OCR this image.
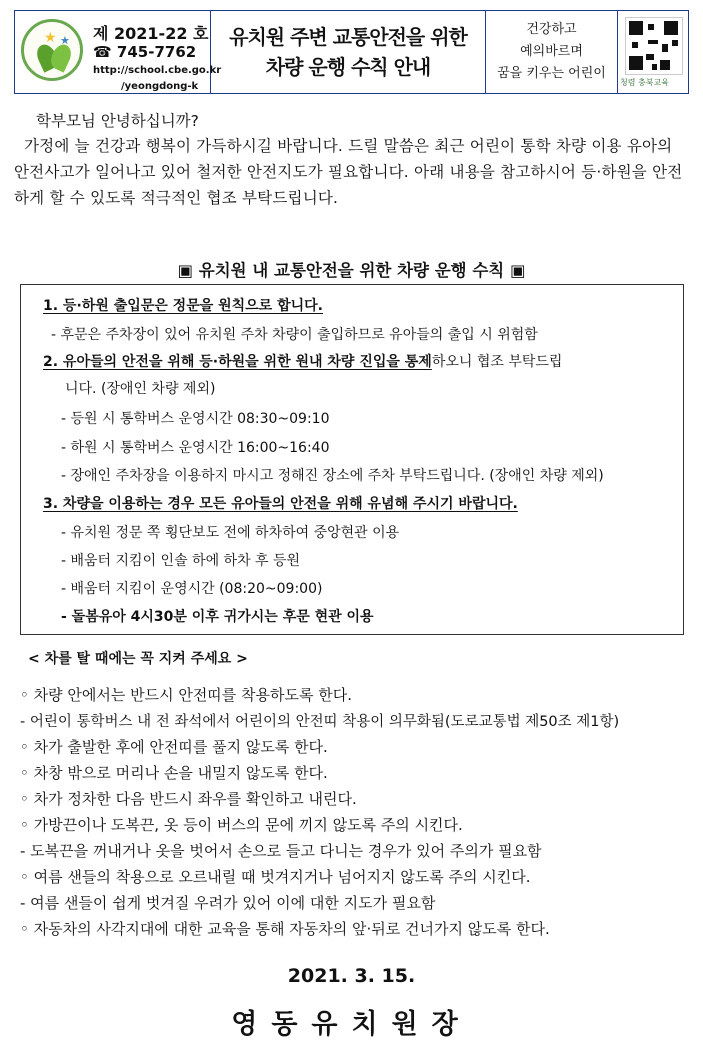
★ ★ 제 2021-22 호
☎ 745-7762
http://school.cbe.go.kr
/yeongdong-k
유치원 주변 교통안전을 위한
차량 운행 수칙 안내
건강하고
예의바르며
꿈을 키우는 어린이
청렴 충북교육
학부모님 안녕하십니까?
가정에 늘 건강과 행복이 가득하시길 바랍니다. 드릴 말씀은 최근 어린이 통학 차량 이용 유아의 안전사고가 일어나고 있어 철저한 안전지도가 필요합니다. 아래 내용을 참고하시어 등·하원을 안전하게 할 수 있도록 적극적인 협조 부탁드립니다.
▣ 유치원 내 교통안전을 위한 차량 운행 수칙 ▣
1. 등·하원 출입문은 정문을 원칙으로 합니다.
- 후문은 주차장이 있어 유치원 주차 차량이 출입하므로 유아들의 출입 시 위험함
2. 유아들의 안전을 위해 등·하원을 위한 원내 차량 진입을 통제하오니 협조 부탁드립
니다. (장애인 차량 제외)
- 등원 시 통학버스 운영시간 08:30~09:10
- 하원 시 통학버스 운영시간 16:00~16:40
- 장애인 주차장을 이용하지 마시고 정해진 장소에 주차 부탁드립니다. (장애인 차량 제외)
3. 차량을 이용하는 경우 모든 유아들의 안전을 위해 유념해 주시기 바랍니다.
- 유치원 정문 쪽 횡단보도 전에 하차하여 중앙현관 이용
- 배움터 지킴이 인솔 하에 하차 후 등원
- 배움터 지킴이 운영시간 (08:20~09:00)
- 돌봄유아 4시30분 이후 귀가시는 후문 현관 이용
< 차를 탈 때에는 꼭 지켜 주세요 >
◦ 차량 안에서는 반드시 안전띠를 착용하도록 한다.
- 어린이 통학버스 내 전 좌석에서 어린이의 안전띠 착용이 의무화됨(도로교통법 제50조 제1항)
◦ 차가 출발한 후에 안전띠를 풀지 않도록 한다.
◦ 차창 밖으로 머리나 손을 내밀지 않도록 한다.
◦ 차가 정차한 다음 반드시 좌우를 확인하고 내린다.
◦ 가방끈이나 도복끈, 옷 등이 버스의 문에 끼지 않도록 주의 시킨다.
- 도복끈을 꺼내거나 옷을 벗어서 손으로 들고 다니는 경우가 있어 주의가 필요함
◦ 여름 샌들의 착용으로 오르내릴 때 벗겨지거나 넘어지지 않도록 주의 시킨다.
- 여름 샌들이 쉽게 벗겨질 우려가 있어 이에 대한 지도가 필요함
◦ 자동차의 사각지대에 대한 교육을 통해 자동차의 앞·뒤로 건너가지 않도록 한다.
2021. 3. 15.
영동유치원장
